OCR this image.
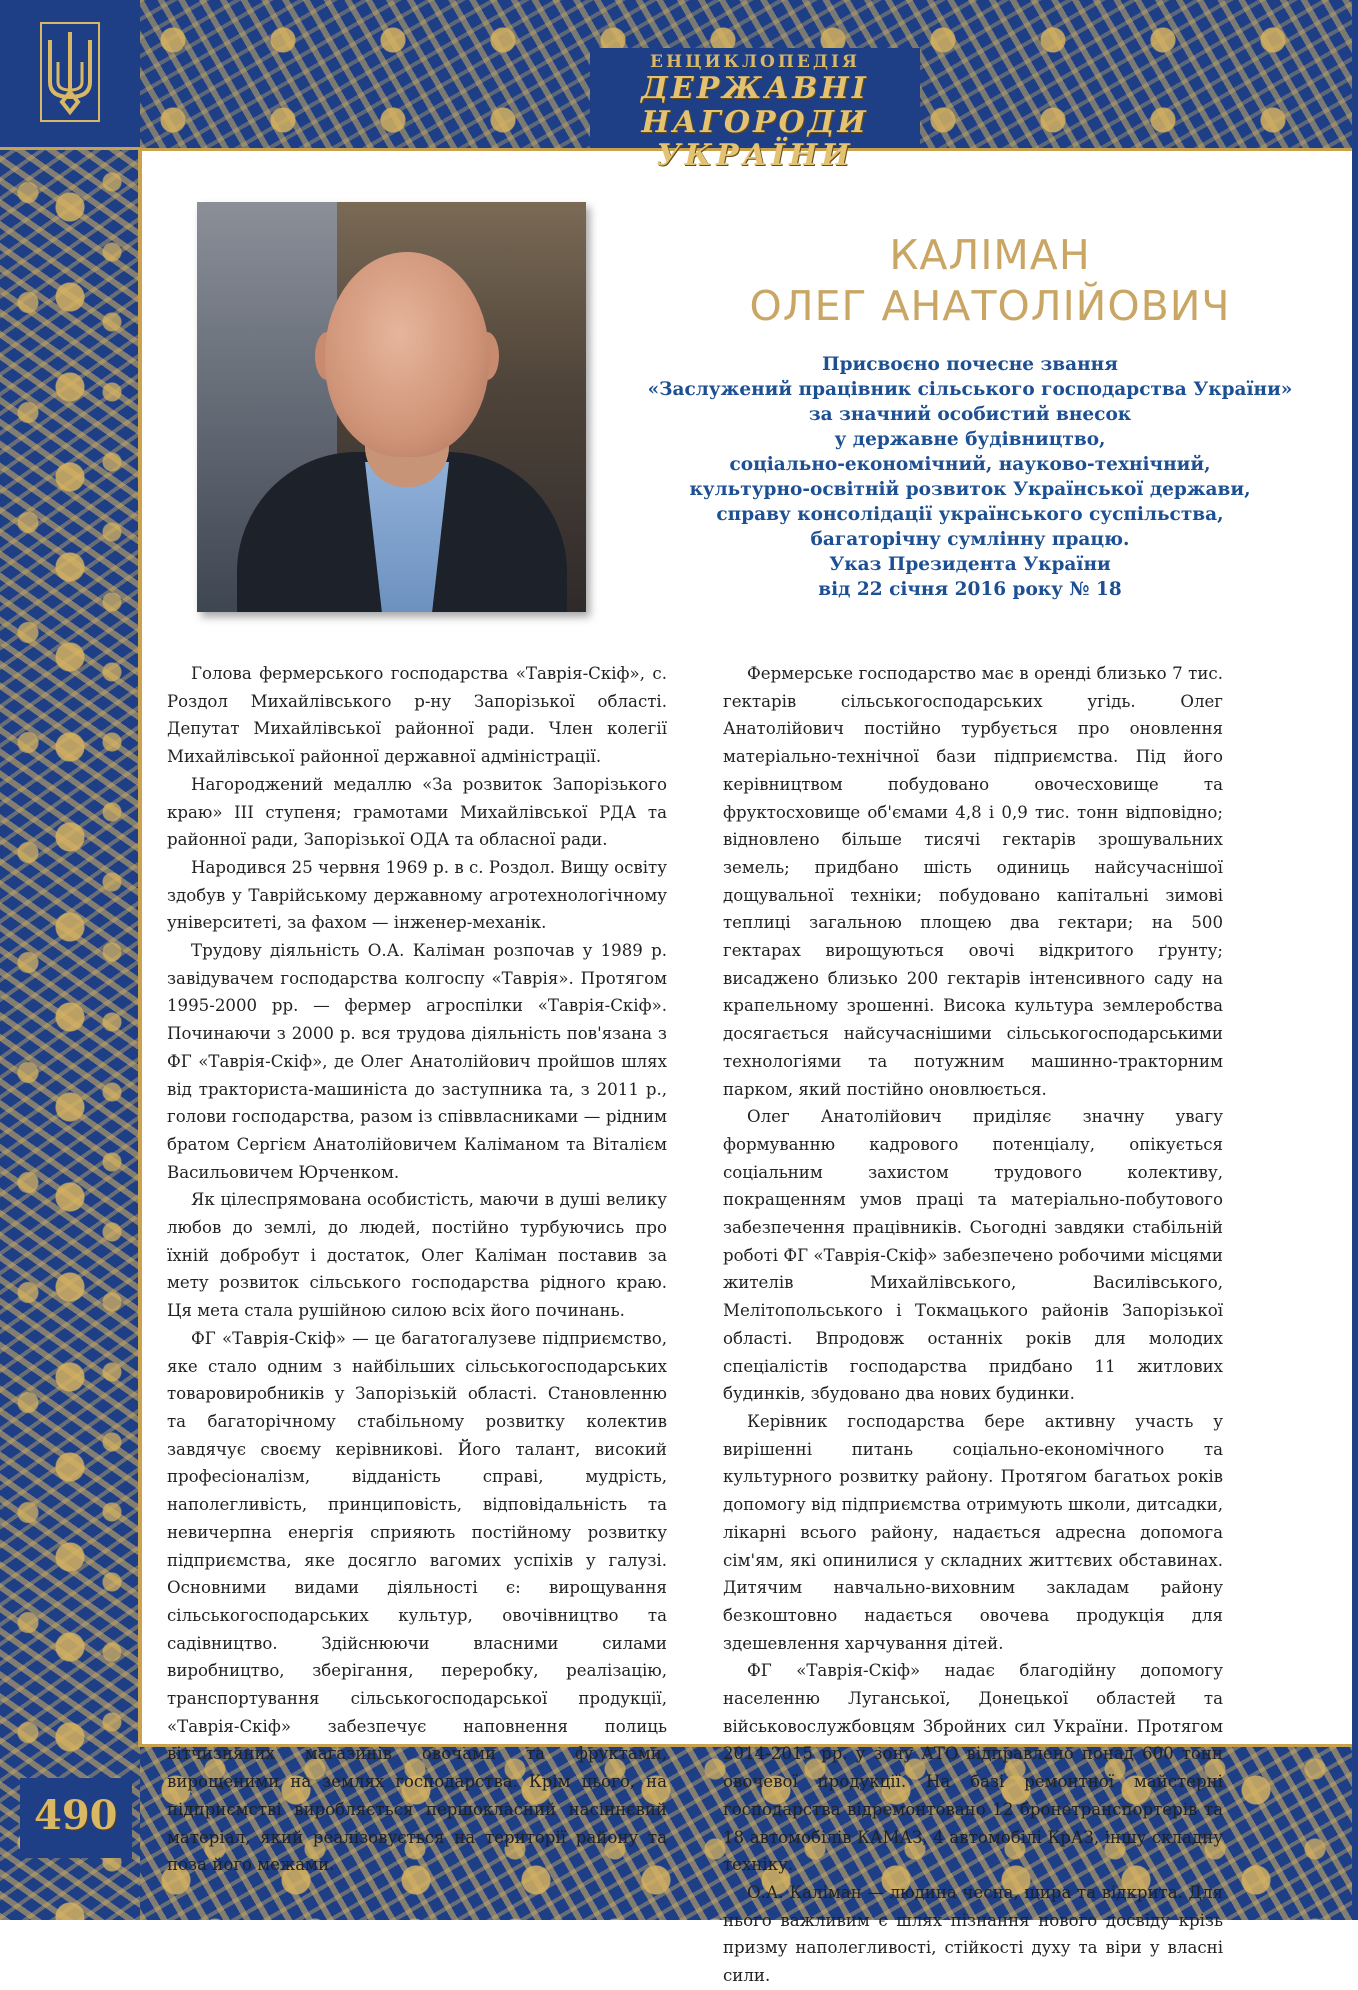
ЕНЦИКЛОПЕДІЯ
ДЕРЖАВНІ НАГОРОДИ
УКРАЇНИ
КАЛІМАН
ОЛЕГ АНАТОЛІЙОВИЧ
Присвоєно почесне звання
«Заслужений працівник сільського господарства України»
за значний особистий внесок
у державне будівництво,
соціально-економічний, науково-технічний,
культурно-освітній розвиток Української держави,
справу консолідації українського суспільства,
багаторічну сумлінну працю.
Указ Президента України
від 22 січня 2016 року № 18

Голова фермерського господарства «Таврія-Скіф», с. Роздол Михайлівського р-ну Запорізької області. Депутат Михайлівської районної ради. Член колегії Михайлівської районної державної адміністрації.

Нагороджений медаллю «За розвиток Запорізького краю» ІІІ ступеня; грамотами Михайлівської РДА та районної ради, Запорізької ОДА та обласної ради.

Народився 25 червня 1969 р. в с. Роздол. Вищу освіту здобув у Таврійському державному агротехнологічному університеті, за фахом — інженер-механік.

Трудову діяльність О.А. Каліман розпочав у 1989 р. завідувачем господарства колгоспу «Таврія». Протягом 1995-2000 рр. — фермер агроспілки «Таврія-Скіф». Починаючи з 2000 р. вся трудова діяльність пов'язана з ФГ «Таврія-Скіф», де Олег Анатолійович пройшов шлях від тракториста-машиніста до заступника та, з 2011 р., голови господарства, разом із співвласниками — рідним братом Сергієм Анатолійовичем Каліманом та Віталієм Васильовичем Юрченком.

Як цілеспрямована особистість, маючи в душі велику любов до землі, до людей, постійно турбуючись про їхній добробут і достаток, Олег Каліман поставив за мету розвиток сільського господарства рідного краю. Ця мета стала рушійною силою всіх його починань.

ФГ «Таврія-Скіф» — це багатогалузеве підприємство, яке стало одним з найбільших сільськогосподарських товаровиробників у Запорізькій області. Становленню та багаторічному стабільному розвитку колектив завдячує своєму керівникові. Його талант, високий професіоналізм, відданість справі, мудрість, наполегливість, принциповість, відповідальність та невичерпна енергія сприяють постійному розвитку підприємства, яке досягло вагомих успіхів у галузі. Основними видами діяльності є: вирощування сільськогосподарських культур, овочівництво та садівництво. Здійснюючи власними силами виробництво, зберігання, переробку, реалізацію, транспортування сільськогосподарської продукції, «Таврія-Скіф» забезпечує наповнення полиць вітчизняних магазинів овочами та фруктами, вирощеними на землях господарства. Крім цього, на підприємстві виробляється першокласний насіннєвий матеріал, який реалізовується на території району та поза його межами.

Фермерське господарство має в оренді близько 7 тис. гектарів сільськогосподарських угідь. Олег Анатолійович постійно турбується про оновлення матеріально-технічної бази підприємства. Під його керівництвом побудовано овочесховище та фруктосховище об'ємами 4,8 і 0,9 тис. тонн відповідно; відновлено більше тисячі гектарів зрошувальних земель; придбано шість одиниць найсучаснішої дощувальної техніки; побудовано капітальні зимові теплиці загальною площею два гектари; на 500 гектарах вирощуються овочі відкритого ґрунту; висаджено близько 200 гектарів інтенсивного саду на крапельному зрошенні. Висока культура землеробства досягається найсучаснішими сільськогосподарськими технологіями та потужним машинно-тракторним парком, який постійно оновлюється.

Олег Анатолійович приділяє значну увагу формуванню кадрового потенціалу, опікується соціальним захистом трудового колективу, покращенням умов праці та матеріально-побутового забезпечення працівників. Сьогодні завдяки стабільній роботі ФГ «Таврія-Скіф» забезпечено робочими місцями жителів Михайлівського, Василівського, Мелітопольського і Токмацького районів Запорізької області. Впродовж останніх років для молодих спеціалістів господарства придбано 11 житлових будинків, збудовано два нових будинки.

Керівник господарства бере активну участь у вирішенні питань соціально-економічного та культурного розвитку району. Протягом багатьох років допомогу від підприємства отримують школи, дитсадки, лікарні всього району, надається адресна допомога сім'ям, які опинилися у складних життєвих обставинах. Дитячим навчально-виховним закладам району безкоштовно надається овочева продукція для здешевлення харчування дітей.

ФГ «Таврія-Скіф» надає благодійну допомогу населенню Луганської, Донецької областей та військовослужбовцям Збройних сил України. Протягом 2014-2015 рр. у зону АТО відправлено понад 600 тонн овочевої продукції. На базі ремонтної майстерні господарства відремонтовано 12 бронетранспортерів та 18 автомобілів КАМАЗ, 4 автомобілі КрАЗ, іншу складну техніку.

О.А. Каліман — людина чесна, щира та відкрита. Для нього важливим є шлях пізнання нового досвіду крізь призму наполегливості, стійкості духу та віри у власні сили.

490
